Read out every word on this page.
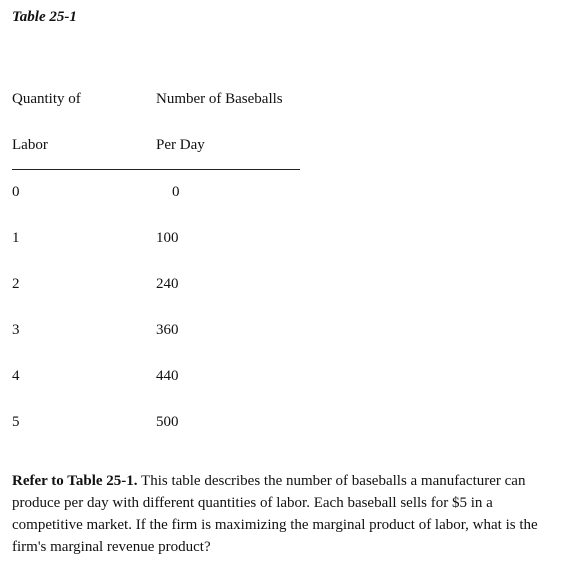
Table 25-1
Quantity of	Number of Baseballs
Labor	Per Day
0	0
1	100
2	240
3	360
4	440
5	500
Refer to Table 25-1. This table describes the number of baseballs a manufacturer can produce per day with different quantities of labor. Each baseball sells for $5 in a competitive market. If the firm is maximizing the marginal product of labor, what is the firm's marginal revenue product?
